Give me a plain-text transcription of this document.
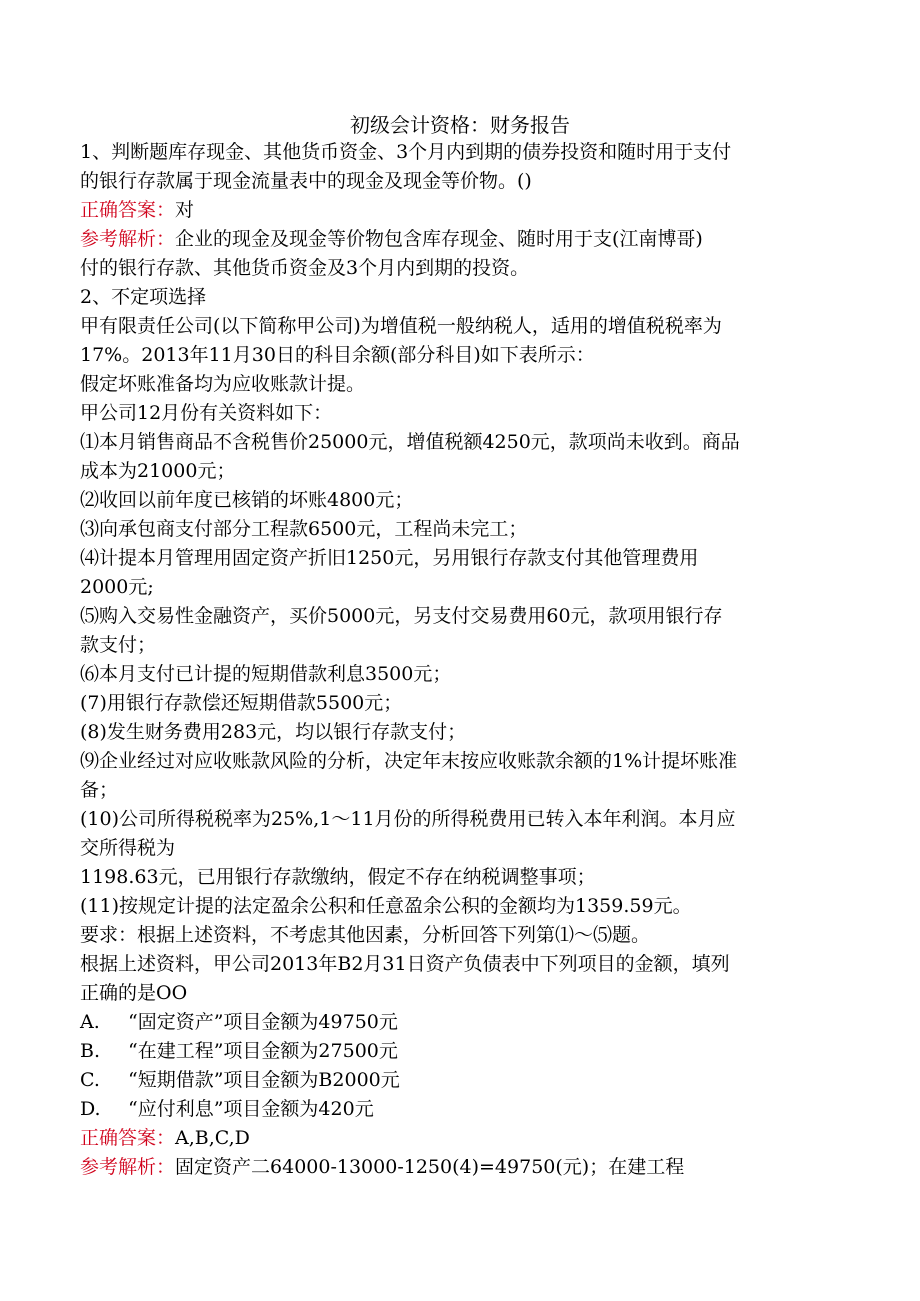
初级会计资格：财务报告
1、判断题库存现金、其他货币资金、3个月内到期的债券投资和随时用于支付
的银行存款属于现金流量表中的现金及现金等价物。()
正确答案：对
参考解析：企业的现金及现金等价物包含库存现金、随时用于支(江南博哥)
付的银行存款、其他货币资金及3个月内到期的投资。
2、不定项选择
甲有限责任公司(以下简称甲公司)为增值税一般纳税人，适用的增值税税率为
17%。2013年11月30日的科目余额(部分科目)如下表所示：
假定坏账准备均为应收账款计提。
甲公司12月份有关资料如下：
⑴本月销售商品不含税售价25000元，增值税额4250元，款项尚未收到。商品
成本为21000元；
⑵收回以前年度已核销的坏账4800元；
⑶向承包商支付部分工程款6500元，工程尚未完工；
⑷计提本月管理用固定资产折旧1250元，另用银行存款支付其他管理费用
2000元;
⑸购入交易性金融资产，买价5000元，另支付交易费用60元，款项用银行存
款支付；
⑹本月支付已计提的短期借款利息3500元；
(7)用银行存款偿还短期借款5500元；
(8)发生财务费用283元，均以银行存款支付；
⑼企业经过对应收账款风险的分析，决定年末按应收账款余额的1%计提坏账准
备；
(10)公司所得税税率为25%,1～11月份的所得税费用已转入本年利润。本月应
交所得税为
1198.63元，已用银行存款缴纳，假定不存在纳税调整事项；
(11)按规定计提的法定盈余公积和任意盈余公积的金额均为1359.59元。
要求：根据上述资料，不考虑其他因素，分析回答下列第⑴～⑸题。
根据上述资料，甲公司2013年B2月31日资产负债表中下列项目的金额，填列
正确的是OO
A. “固定资产”项目金额为49750元
B. “在建工程”项目金额为27500元
C. “短期借款”项目金额为B2000元
D. “应付利息”项目金额为420元
正确答案：A,B,C,D
参考解析：固定资产二64000-13000-1250(4)=49750(元)；在建工程
